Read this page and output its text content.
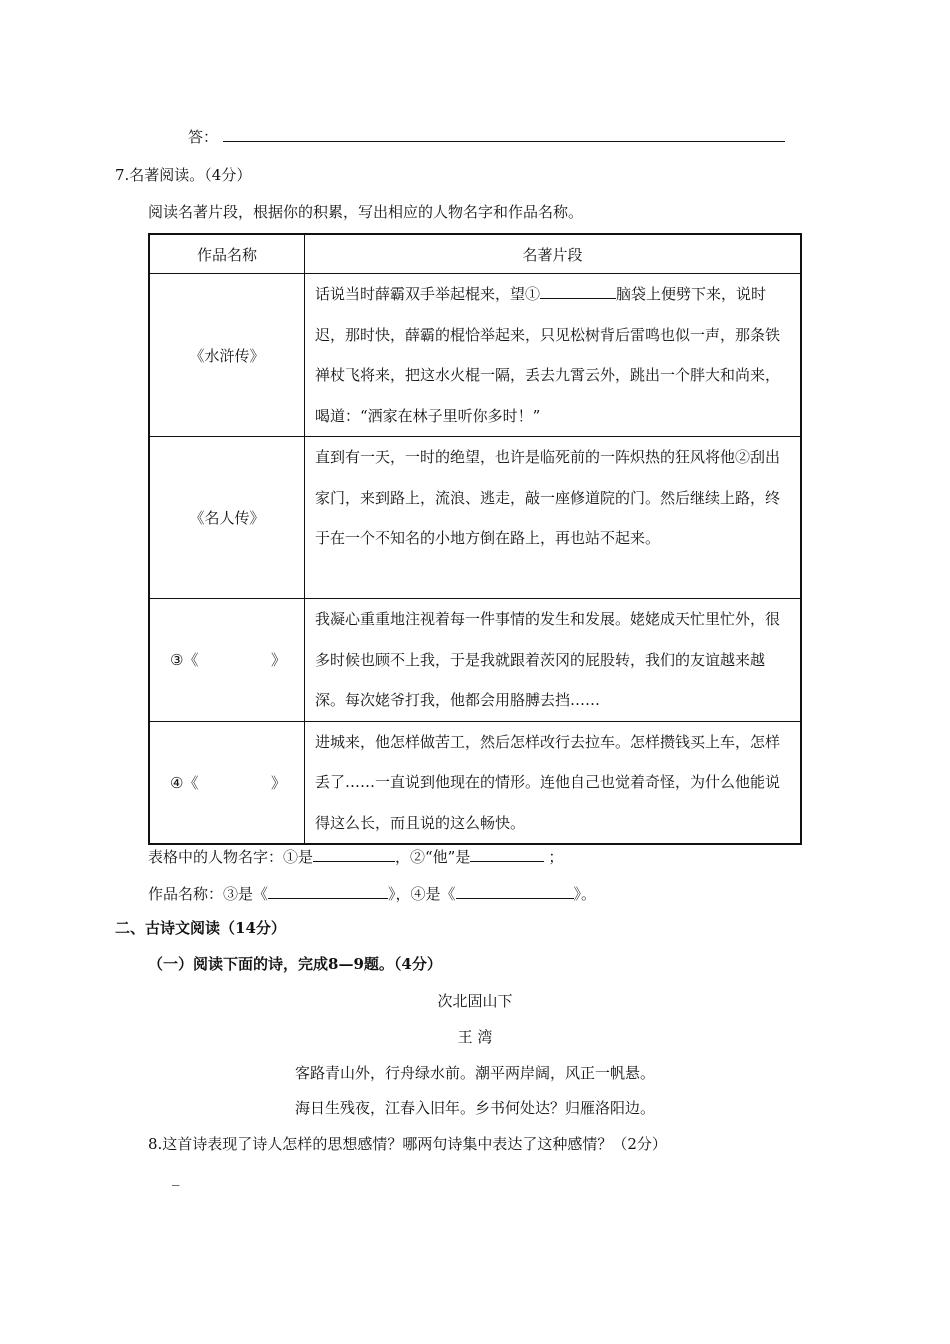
答：
7.名著阅读。（4分）
阅读名著片段，根据你的积累，写出相应的人物名字和作品名称。
作品名称	名著片段
《水浒传》	话说当时薛霸双手举起棍来，望① 脑袋上便劈下来，说时迟，那时快，薛霸的棍恰举起来，只见松树背后雷鸣也似一声，那条铁禅杖飞将来，把这水火棍一隔，丢去九霄云外，跳出一个胖大和尚来，喝道：“洒家在林子里听你多时！”
《名人传》	直到有一天，一时的绝望，也许是临死前的一阵炽热的狂风将他②刮出家门，来到路上，流浪、逃走，敲一座修道院的门。然后继续上路，终于在一个不知名的小地方倒在路上，再也站不起来。

③《 》	我凝心重重地注视着每一件事情的发生和发展。姥姥成天忙里忙外，很多时候也顾不上我，于是我就跟着茨冈的屁股转，我们的友谊越来越深。每次姥爷打我，他都会用胳膊去挡……

④《 》	进城来，他怎样做苦工，然后怎样改行去拉车。怎样攒钱买上车，怎样丢了……一直说到他现在的情形。连他自己也觉着奇怪，为什么他能说得这么长，而且说的这么畅快。
表格中的人物名字：①是	，②“他”是	；
作品名称：③是《	》，④是《	》。
二、古诗文阅读（14分）
（一）阅读下面的诗，完成8—9题。（4分）
次北固山下
王 湾
客路青山外，行舟绿水前。潮平两岸阔，风正一帆悬。
海日生残夜，江春入旧年。乡书何处达？归雁洛阳边。
8.这首诗表现了诗人怎样的思想感情？哪两句诗集中表达了这种感情？（2分）
_
